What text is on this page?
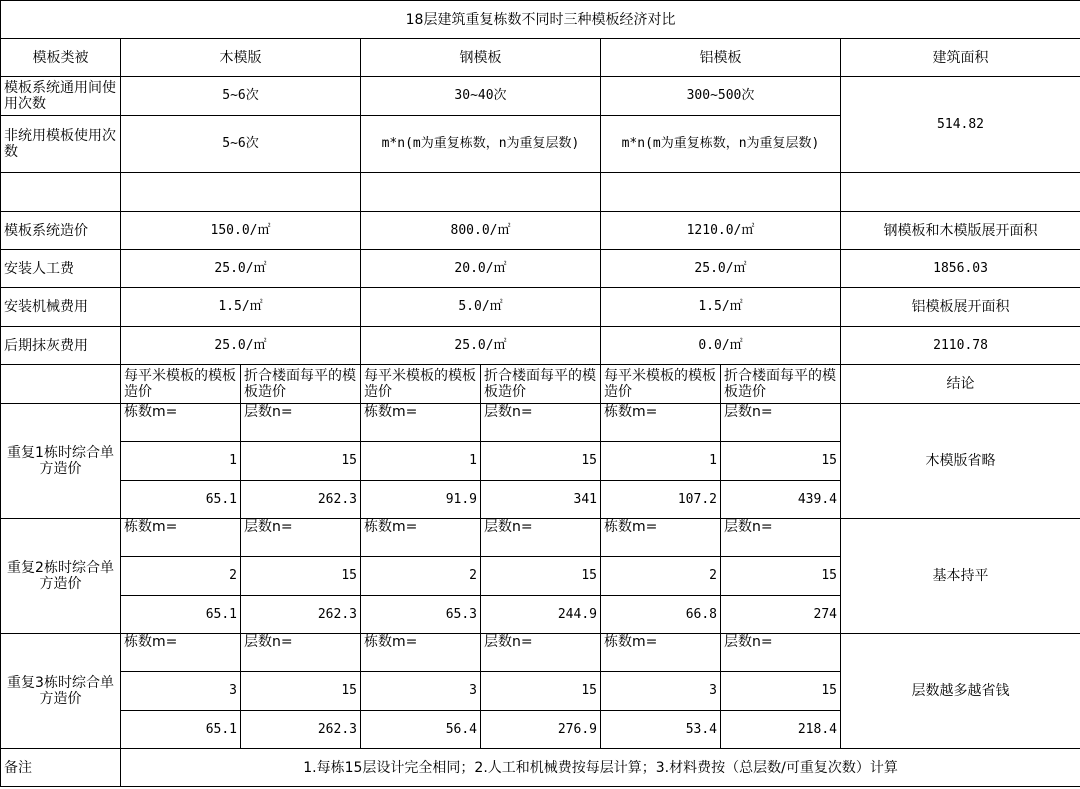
18层建筑重复栋数不同时三种模板经济对比							
模板类被	木模版		钢模板		铝模板		建筑面积
模板系统通用间使用次数	5~6次		30~40次		300~500次		514.82
非统用模板使用次数	5~6次		m*n(m为重复栋数，n为重复层数)		m*n(m为重复栋数，n为重复层数)		

模板系统造价	150.0/㎡		800.0/㎡		1210.0/㎡		钢模板和木模版展开面积
安装人工费	25.0/㎡		20.0/㎡		25.0/㎡		1856.03
安装机械费用	1.5/㎡		5.0/㎡		1.5/㎡		铝模板展开面积
后期抹灰费用	25.0/㎡		25.0/㎡		0.0/㎡		2110.78
	每平米模板的模板造价	折合楼面每平的模板造价	每平米模板的模板造价	折合楼面每平的模板造价	每平米模板的模板造价	折合楼面每平的模板造价	结论
重复1栋时综合单方造价	栋数m=	层数n=	栋数m=	层数n=	栋数m=	层数n=	木模版省略
	1	15	1	15	1	15	
	65.1	262.3	91.9	341	107.2	439.4	
重复2栋时综合单方造价	栋数m=	层数n=	栋数m=	层数n=	栋数m=	层数n=	基本持平
	2	15	2	15	2	15	
	65.1	262.3	65.3	244.9	66.8	274	
重复3栋时综合单方造价	栋数m=	层数n=	栋数m=	层数n=	栋数m=	层数n=	层数越多越省钱
	3	15	3	15	3	15	
	65.1	262.3	56.4	276.9	53.4	218.4	
备注	1.每栋15层设计完全相同；2.人工和机械费按每层计算；3.材料费按（总层数/可重复次数）计算						
